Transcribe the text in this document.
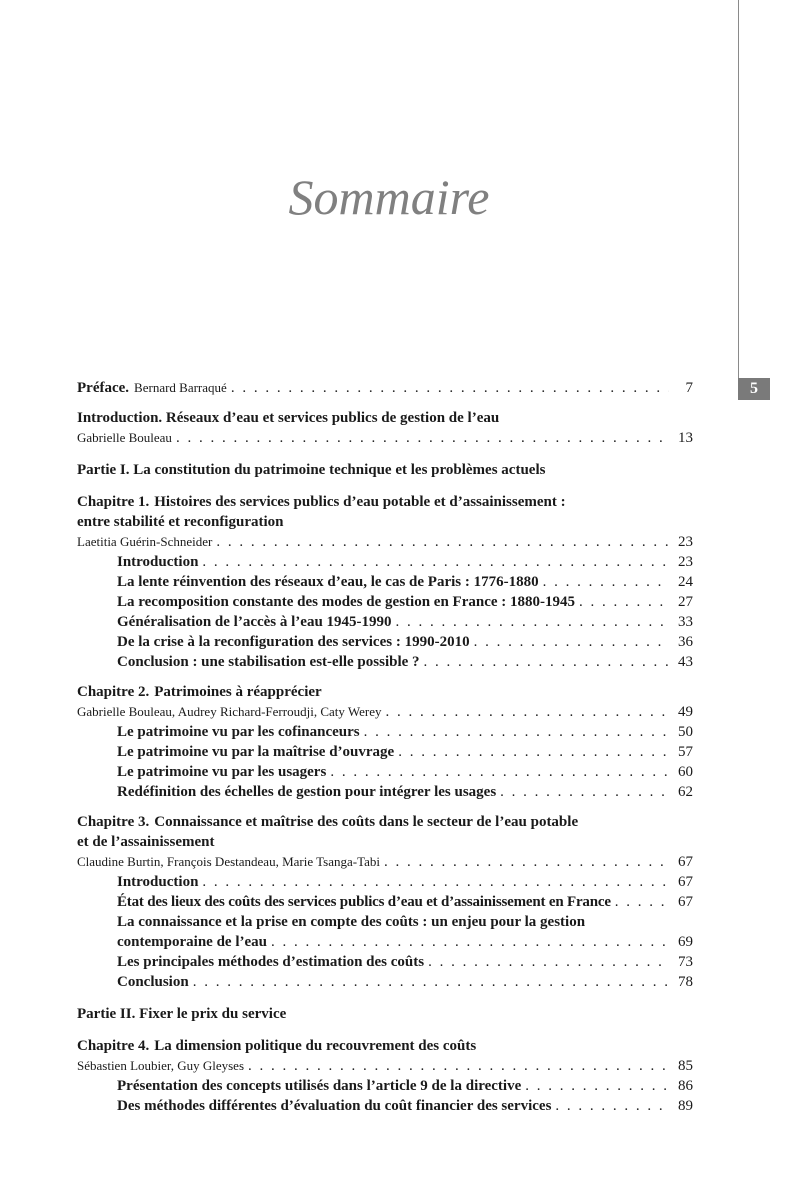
5
Sommaire
Préface. Bernard Barraqué . . .	7
Introduction. Réseaux d’eau et services publics de gestion de l’eau
Gabrielle Bouleau . . .	13
Partie I. La constitution du patrimoine technique et les problèmes actuels
Chapitre 1. Histoires des services publics d’eau potable et d’assainissement :
entre stabilité et reconfiguration
Laetitia Guérin-Schneider . . .	23
Introduction . . .	23
La lente réinvention des réseaux d’eau, le cas de Paris : 1776-1880 . . .	24
La recomposition constante des modes de gestion en France : 1880-1945 . . .	27
Généralisation de l’accès à l’eau 1945-1990 . . .	33
De la crise à la reconfiguration des services : 1990-2010 . . .	36
Conclusion : une stabilisation est-elle possible ? . . .	43
Chapitre 2. Patrimoines à réapprécier
Gabrielle Bouleau, Audrey Richard-Ferroudji, Caty Werey . . .	49
Le patrimoine vu par les cofinanceurs . . .	50
Le patrimoine vu par la maîtrise d’ouvrage . . .	57
Le patrimoine vu par les usagers . . .	60
Redéfinition des échelles de gestion pour intégrer les usages . . .	62
Chapitre 3. Connaissance et maîtrise des coûts dans le secteur de l’eau potable
et de l’assainissement
Claudine Burtin, François Destandeau, Marie Tsanga-Tabi . . .	67
Introduction . . .	67
État des lieux des coûts des services publics d’eau et d’assainissement en France . . .	67
La connaissance et la prise en compte des coûts : un enjeu pour la gestion
contemporaine de l’eau . . .	69
Les principales méthodes d’estimation des coûts . . .	73
Conclusion . . .	78
Partie II. Fixer le prix du service
Chapitre 4. La dimension politique du recouvrement des coûts
Sébastien Loubier, Guy Gleyses . . .	85
Présentation des concepts utilisés dans l’article 9 de la directive . . .	86
Des méthodes différentes d’évaluation du coût financier des services . . .	89
